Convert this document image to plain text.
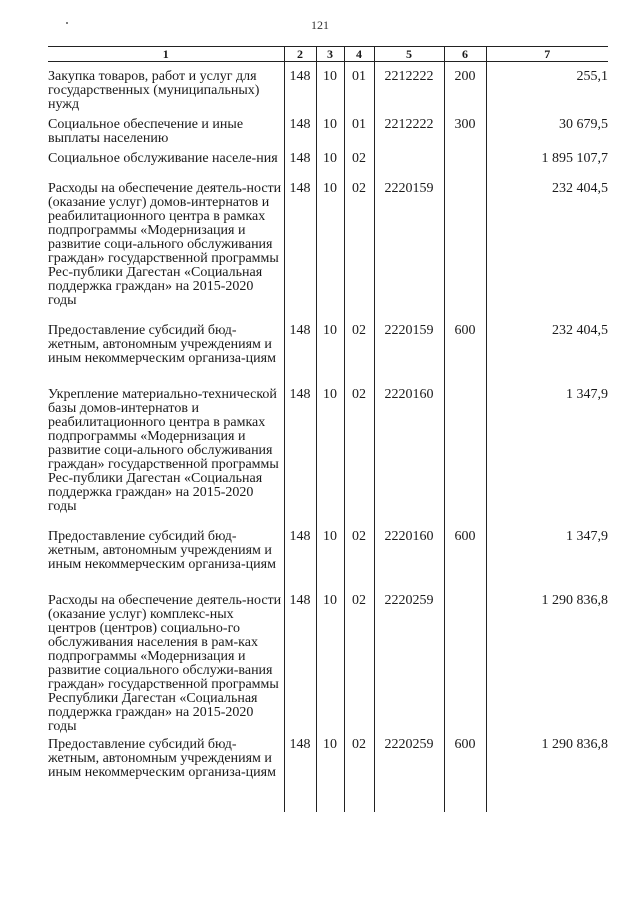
121
1	2	3	4	5	6	7
Закупка товаров, работ и услуг для государственных (муниципальных) нужд	148	10	01	2212222	200	255,1
Социальное обеспечение и иные выплаты населению	148	10	01	2212222	300	30 679,5
Социальное обслуживание населе-ния	148	10	02			1 895 107,7
Расходы на обеспечение деятель-ности (оказание услуг) домов-интернатов и реабилитационного центра в рамках подпрограммы «Модернизация и развитие соци-ального обслуживания граждан» государственной программы Рес-публики Дагестан «Социальная поддержка граждан» на 2015-2020 годы	148	10	02	2220159		232 404,5
Предоставление субсидий бюд-жетным, автономным учреждениям и иным некоммерческим организа-циям	148	10	02	2220159	600	232 404,5
Укрепление материально-технической базы домов-интернатов и реабилитационного центра в рамках подпрограммы «Модернизация и развитие соци-ального обслуживания граждан» государственной программы Рес-публики Дагестан «Социальная поддержка граждан» на 2015-2020 годы	148	10	02	2220160		1 347,9
Предоставление субсидий бюд-жетным, автономным учреждениям и иным некоммерческим организа-циям	148	10	02	2220160	600	1 347,9
Расходы на обеспечение деятель-ности (оказание услуг) комплекс-ных центров (центров) социально-го обслуживания населения в рам-ках подпрограммы «Модернизация и развитие социального обслужи-вания граждан» государственной программы Республики Дагестан «Социальная поддержка граждан» на 2015-2020 годы	148	10	02	2220259		1 290 836,8
Предоставление субсидий бюд-жетным, автономным учреждениям и иным некоммерческим организа-циям	148	10	02	2220259	600	1 290 836,8
